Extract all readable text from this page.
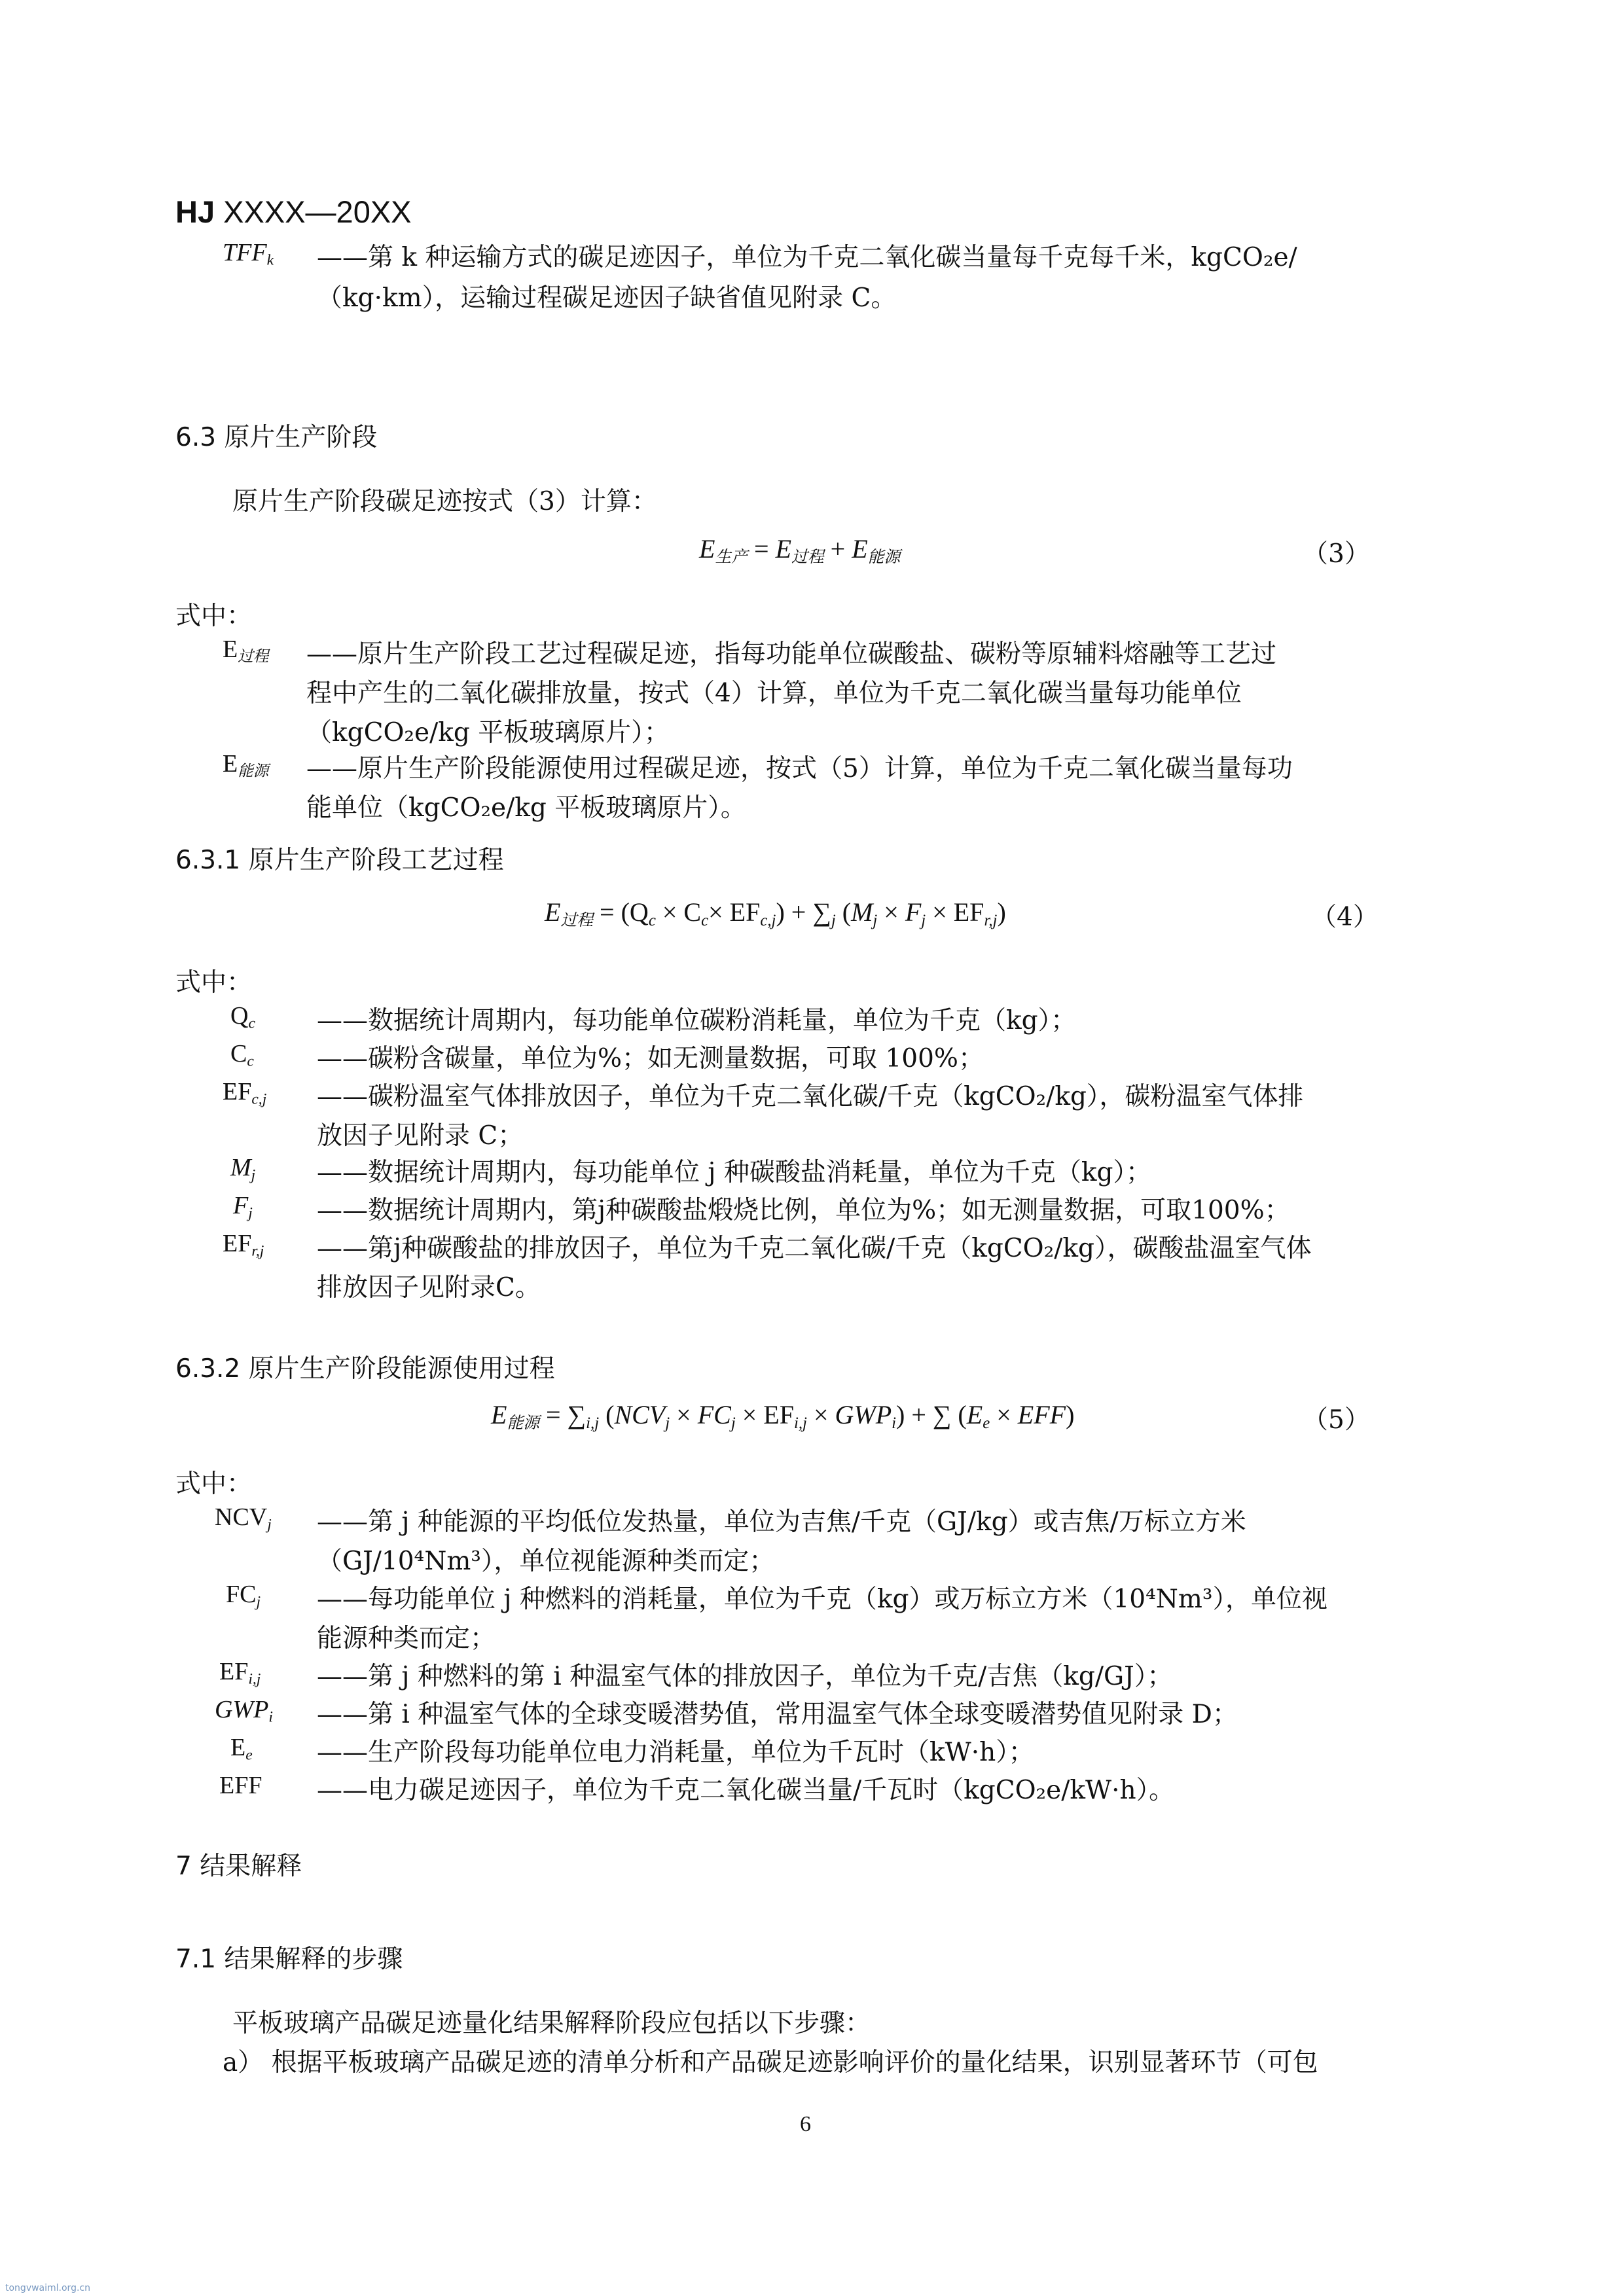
HJ XXXX—20XX
$TFF_k$ ——第 k 种运输方式的碳足迹因子，单位为千克二氧化碳当量每千克每千米，kgCO₂e/
（kg·km），运输过程碳足迹因子缺省值见附录 C。
6.3 原片生产阶段
原片生产阶段碳足迹按式（3）计算：
$E_{生产} = E_{过程} + E_{能源}$	（3）
式中：
$E_{过程}$ ——原片生产阶段工艺过程碳足迹，指每功能单位碳酸盐、碳粉等原辅料熔融等工艺过
程中产生的二氧化碳排放量，按式（4）计算，单位为千克二氧化碳当量每功能单位
（kgCO₂e/kg 平板玻璃原片）；
$E_{能源}$ ——原片生产阶段能源使用过程碳足迹，按式（5）计算，单位为千克二氧化碳当量每功
能单位（kgCO₂e/kg 平板玻璃原片）。
6.3.1 原片生产阶段工艺过程
$E_{过程} = (Q_c \times C_c\times EF_{c,j}) + \sum_j$ $(M_j \times F_j \times EF_{r,j})$	（4）
式中：
$Q_c$ ——数据统计周期内，每功能单位碳粉消耗量，单位为千克（kg）；
$C_c$ ——碳粉含碳量，单位为%；如无测量数据，可取 100%；
$EF_{c,j}$ ——碳粉温室气体排放因子，单位为千克二氧化碳/千克（kgCO₂/kg），碳粉温室气体排
放因子见附录 C；
$M_j$ ——数据统计周期内，每功能单位 j 种碳酸盐消耗量，单位为千克（kg）；
$F_j$	——数据统计周期内，第j种碳酸盐煅烧比例，单位为%；如无测量数据，可取100%；
$EF_{r,j}$ ——第j种碳酸盐的排放因子，单位为千克二氧化碳/千克（kgCO₂/kg），碳酸盐温室气体
排放因子见附录C。
6.3.2 原片生产阶段能源使用过程
$E_{能源} = \sum_{i,j}$ $(NCV_j \times FC_j \times EF_{i,j} \times GWP_i)$ + ∑ $(E_e \times EFF)$	（5）
式中：
$NCV_j$ ——第 j 种能源的平均低位发热量，单位为吉焦/千克（GJ/kg）或吉焦/万标立方米
（GJ/10⁴Nm³），单位视能源种类而定；
$FC_j$ ——每功能单位 j 种燃料的消耗量，单位为千克（kg）或万标立方米（10⁴Nm³），单位视
能源种类而定；
$EF_{i,j}$ ——第 j 种燃料的第 i 种温室气体的排放因子，单位为千克/吉焦（kg/GJ）；
$GWP_i$ ——第 i 种温室气体的全球变暖潜势值，常用温室气体全球变暖潜势值见附录 D；
$E_e$	——生产阶段每功能单位电力消耗量，单位为千瓦时（kW·h）；
EFF ——电力碳足迹因子，单位为千克二氧化碳当量/千瓦时（kgCO₂e/kW·h）。
7 结果解释
7.1 结果解释的步骤
平板玻璃产品碳足迹量化结果解释阶段应包括以下步骤：
a） 根据平板玻璃产品碳足迹的清单分析和产品碳足迹影响评价的量化结果，识别显著环节（可包
6
tongvwaiml.org.cn
